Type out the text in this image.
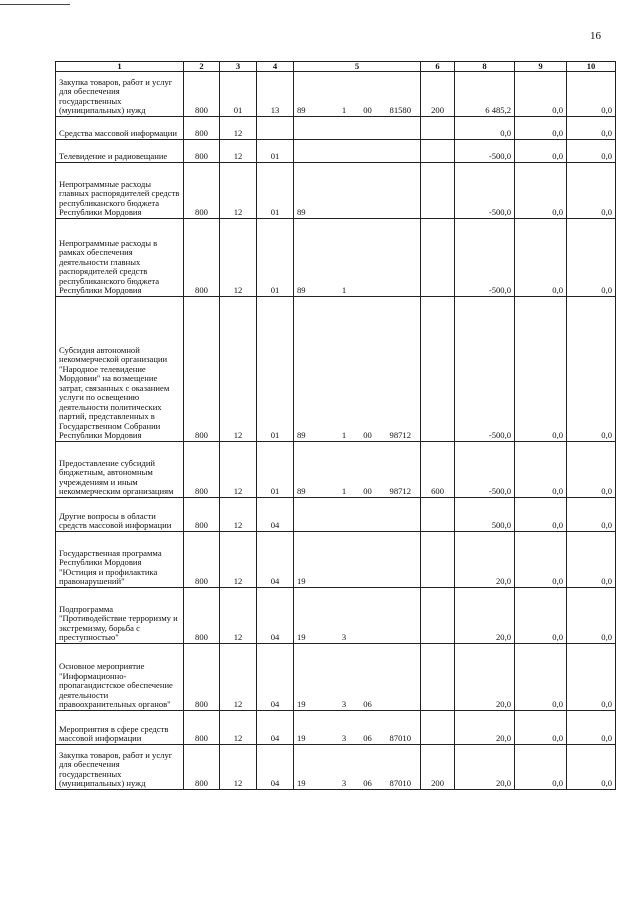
16
1	2	3	4	5				6	8	9	10
Закупка товаров, работ и услуг для обеспечения государственных (муниципальных) нужд	800	01	13	89	1	00	81580	200	6 485,2	0,0	0,0
Средства массовой информации	800	12							0,0	0,0	0,0
Телевидение и радиовещание	800	12	01						-500,0	0,0	0,0
Непрограммные расходы главных распорядителей средств республиканского бюджета Республики Мордовия	800	12	01	89					-500,0	0,0	0,0
Непрограммные расходы в рамках обеспечения деятельности главных распорядителей средств республиканского бюджета Республики Мордовия	800	12	01	89	1				-500,0	0,0	0,0
Субсидия автономной некоммерческой организации "Народное телевидение Мордовии" на возмещение затрат, связанных с оказанием услуги по освещению деятельности политических партий, представленных в Государственном Собрании Республики Мордовия	800	12	01	89	1	00	98712		-500,0	0,0	0,0
Предоставление субсидий бюджетным, автономным учреждениям и иным некоммерческим организациям	800	12	01	89	1	00	98712	600	-500,0	0,0	0,0
Другие вопросы в области средств массовой информации	800	12	04						500,0	0,0	0,0
Государственная программа Республики Мордовия "Юстиция и профилактика правонарушений"	800	12	04	19					20,0	0,0	0,0
Подпрограмма "Противодействие терроризму и экстремизму, борьба с преступностью"	800	12	04	19	3				20,0	0,0	0,0
Основное мероприятие "Информационно-пропагандистское обеспечение деятельности правоохранительных органов"	800	12	04	19	3	06			20,0	0,0	0,0
Мероприятия в сфере средств массовой информации	800	12	04	19	3	06	87010		20,0	0,0	0,0
Закупка товаров, работ и услуг для обеспечения государственных (муниципальных) нужд	800	12	04	19	3	06	87010	200	20,0	0,0	0,0
